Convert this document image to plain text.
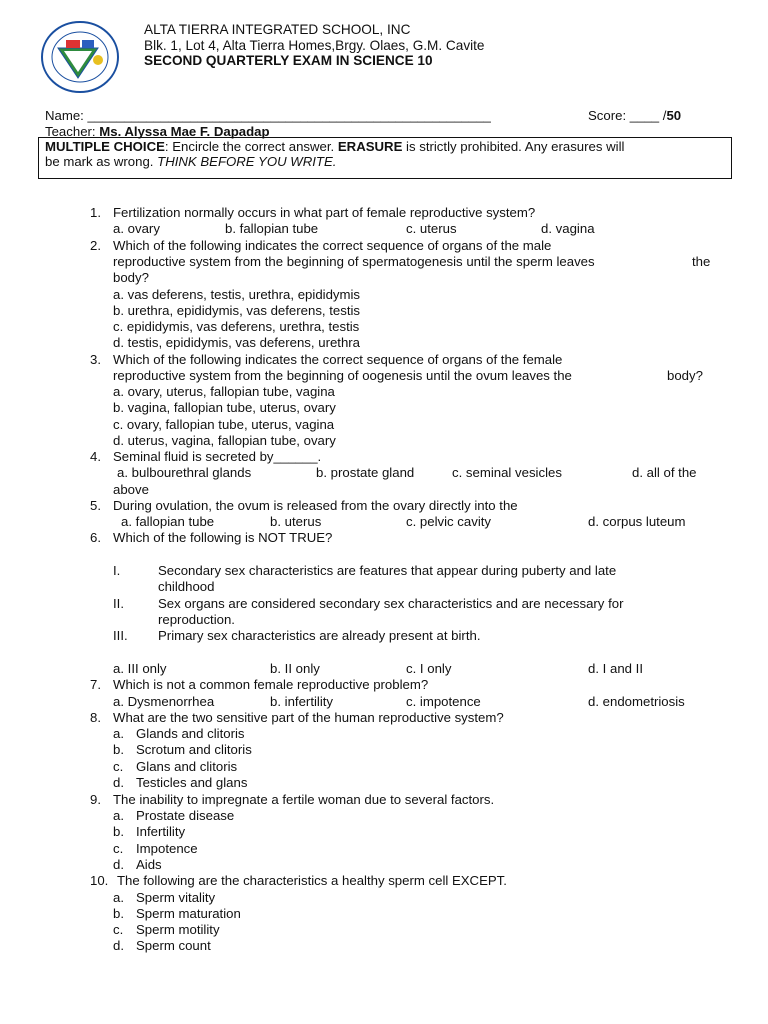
ALTA TIERRA INTEGRATED SCHOOL, INC
Blk. 1, Lot 4, Alta Tierra Homes,Brgy. Olaes, G.M. Cavite
SECOND QUARTERLY EXAM IN SCIENCE 10
Name: _______________________________________________________	Score: ____ /50
Teacher: Ms. Alyssa Mae F. Dapadap
MULTIPLE CHOICE: Encircle the correct answer. ERASURE is strictly prohibited. Any erasures will
be mark as wrong. THINK BEFORE YOU WRITE.
1. Fertilization normally occurs in what part of female reproductive system?
a. ovary	b. fallopian tube	c. uterus	d. vagina
2. Which of the following indicates the correct sequence of organs of the male
reproductive system from the beginning of spermatogenesis until the sperm leaves	the
body?
a. vas deferens, testis, urethra, epididymis
b. urethra, epididymis, vas deferens, testis
c. epididymis, vas deferens, urethra, testis
d. testis, epididymis, vas deferens, urethra
3. Which of the following indicates the correct sequence of organs of the female
reproductive system from the beginning of oogenesis until the ovum leaves the	body?
a. ovary, uterus, fallopian tube, vagina
b. vagina, fallopian tube, uterus, ovary
c. ovary, fallopian tube, uterus, vagina
d. uterus, vagina, fallopian tube, ovary
4. Seminal fluid is secreted by______.
a. bulbourethral glands	b. prostate gland	c. seminal vesicles	d. all of the
above
5. During ovulation, the ovum is released from the ovary directly into the
a. fallopian tube	b. uterus	c. pelvic cavity	d. corpus luteum
6. Which of the following is NOT TRUE?
I.	Secondary sex characteristics are features that appear during puberty and late
childhood
II.	Sex organs are considered secondary sex characteristics and are necessary for
reproduction.
III. Primary sex characteristics are already present at birth.
a. III only	b. II only	c. I only	d. I and II
7. Which is not a common female reproductive problem?
a. Dysmenorrhea	b. infertility	c. impotence	d. endometriosis
8. What are the two sensitive part of the human reproductive system?
a. Glands and clitoris
b. Scrotum and clitoris
c. Glans and clitoris
d. Testicles and glans
9. The inability to impregnate a fertile woman due to several factors.
a. Prostate disease
b. Infertility
c. Impotence
d. Aids
10. The following are the characteristics a healthy sperm cell EXCEPT.
a. Sperm vitality
b. Sperm maturation
c. Sperm motility
d. Sperm count
